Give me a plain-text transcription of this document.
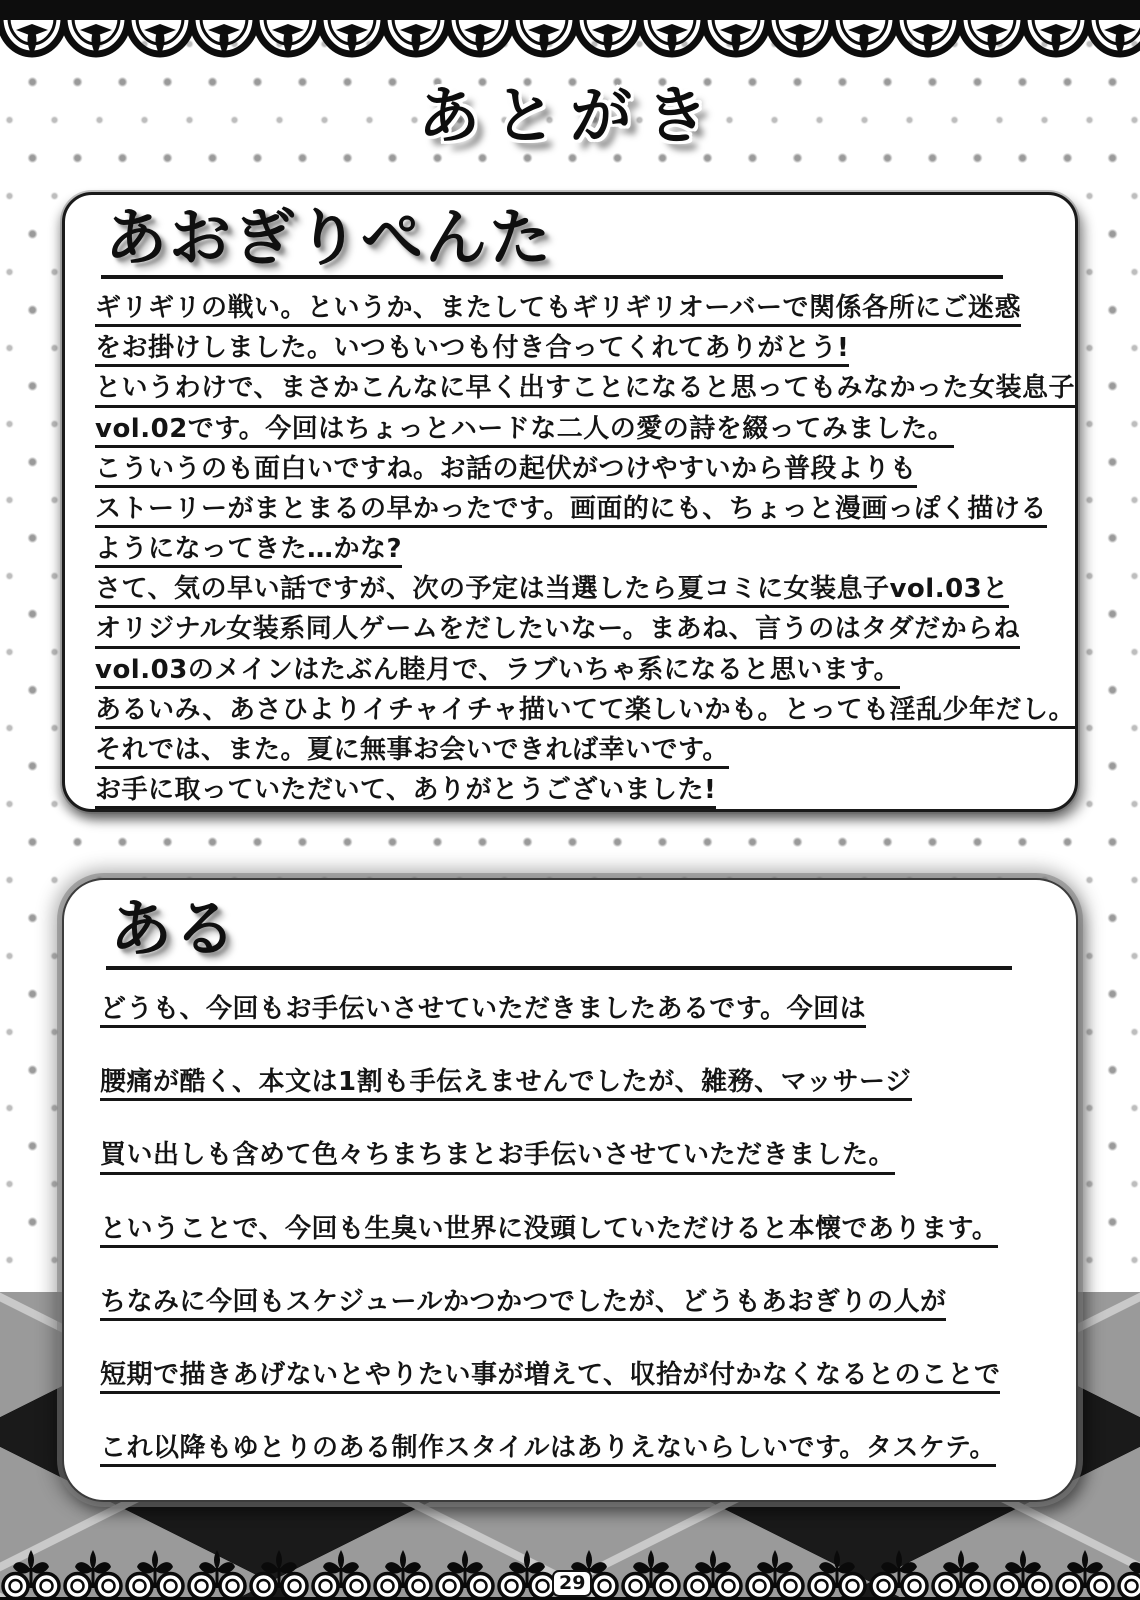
あとがき
あおぎりぺんた
ギリギリの戦い。というか、またしてもギリギリオーバーで関係各所にご迷惑
をお掛けしました。いつもいつも付き合ってくれてありがとう!
というわけで、まさかこんなに早く出すことになると思ってもみなかった女装息子
vol.02です。今回はちょっとハードな二人の愛の詩を綴ってみました。
こういうのも面白いですね。お話の起伏がつけやすいから普段よりも
ストーリーがまとまるの早かったです。画面的にも、ちょっと漫画っぽく描ける
ようになってきた…かな?
さて、気の早い話ですが、次の予定は当選したら夏コミに女装息子vol.03と
オリジナル女装系同人ゲームをだしたいなー。まあね、言うのはタダだからね
vol.03のメインはたぶん睦月で、ラブいちゃ系になると思います。
あるいみ、あさひよりイチャイチャ描いてて楽しいかも。とっても淫乱少年だし。
それでは、また。夏に無事お会いできれば幸いです。
お手に取っていただいて、ありがとうございました!
ある
どうも、今回もお手伝いさせていただきましたあるです。今回は
腰痛が酷く、本文は1割も手伝えませんでしたが、雑務、マッサージ
買い出しも含めて色々ちまちまとお手伝いさせていただきました。
ということで、今回も生臭い世界に没頭していただけると本懐であります。
ちなみに今回もスケジュールかつかつでしたが、どうもあおぎりの人が
短期で描きあげないとやりたい事が増えて、収拾が付かなくなるとのことで
これ以降もゆとりのある制作スタイルはありえないらしいです。タスケテ。
29
